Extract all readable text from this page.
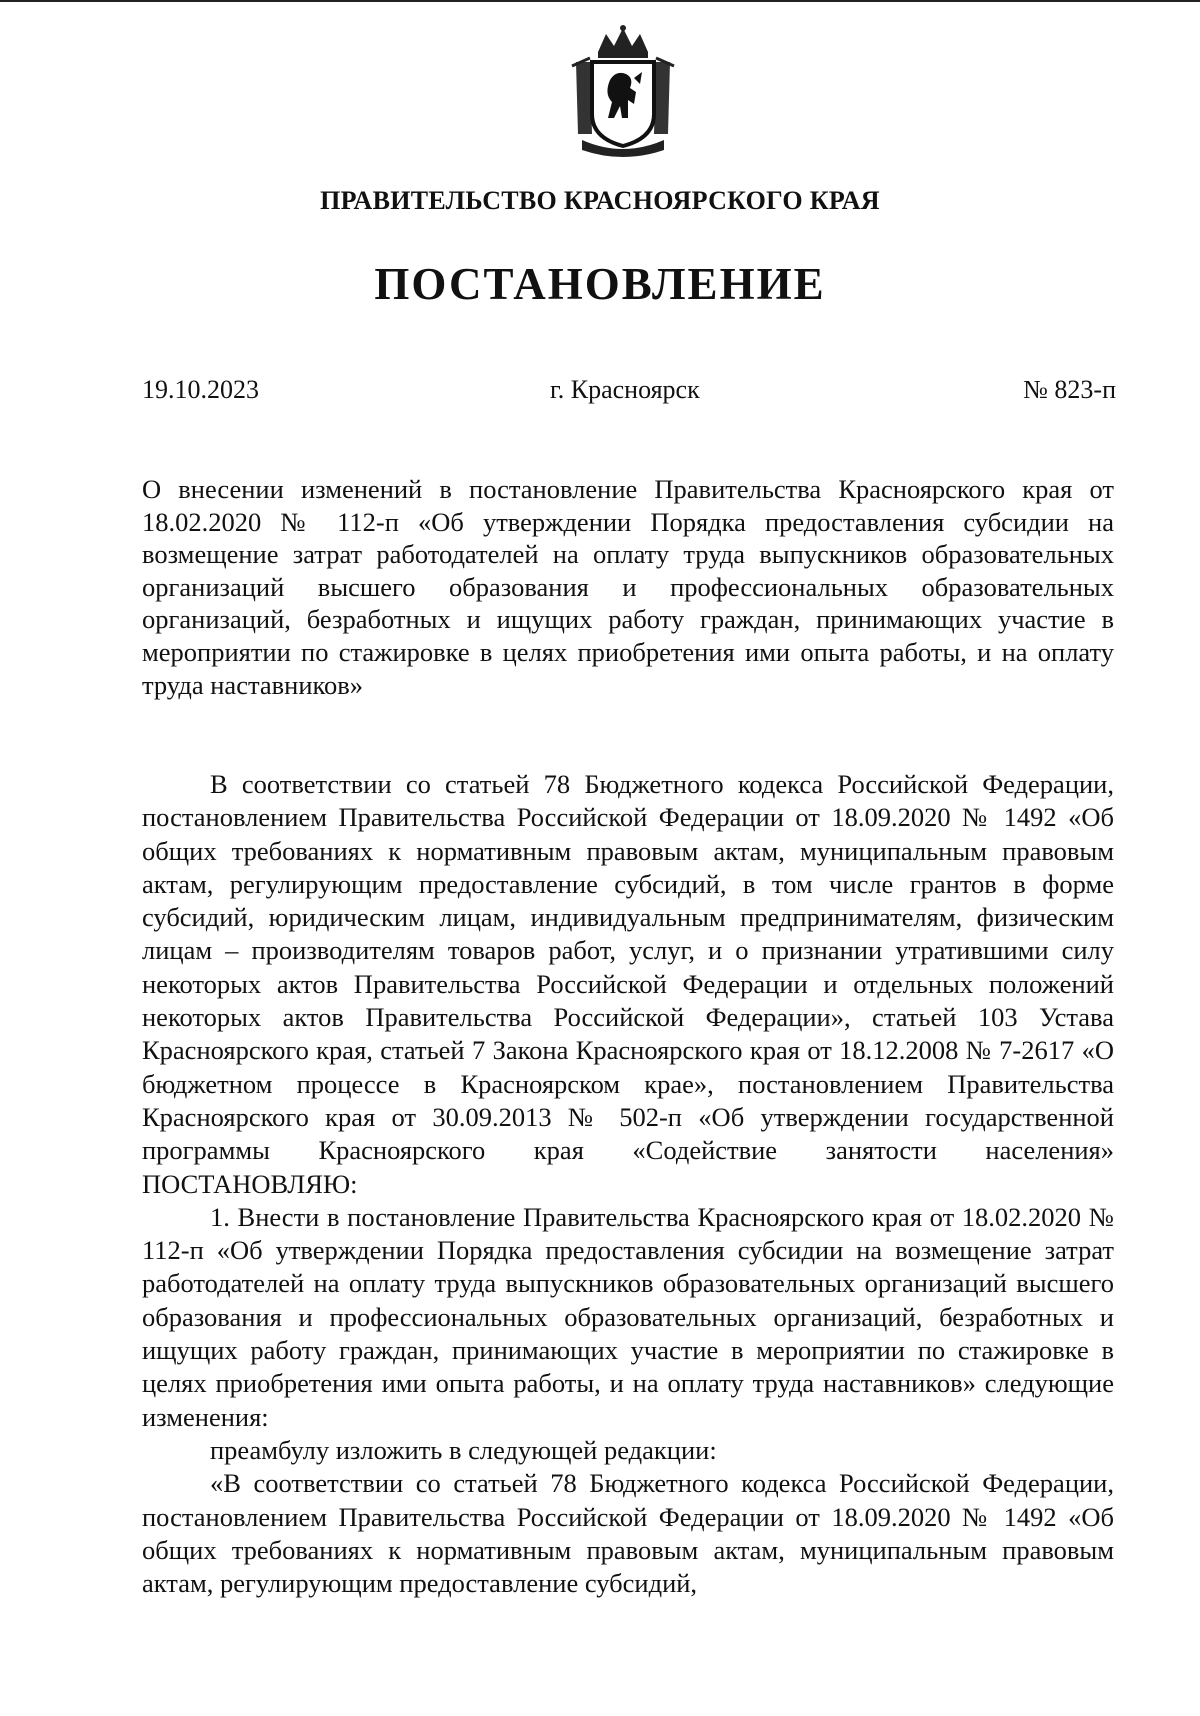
ПРАВИТЕЛЬСТВО КРАСНОЯРСКОГО КРАЯ
ПОСТАНОВЛЕНИЕ
19.10.2023	г. Красноярск	№ 823-п

О внесении изменений в постановление Правительства Красноярского края от 18.02.2020 № 112-п «Об утверждении Порядка предоставления субсидии на возмещение затрат работодателей на оплату труда выпускников образовательных организаций высшего образования и профессиональных образовательных организаций, безработных и ищущих работу граждан, принимающих участие в мероприятии по стажировке в целях приобретения ими опыта работы, и на оплату труда наставников»

В соответствии со статьей 78 Бюджетного кодекса Российской Федерации, постановлением Правительства Российской Федерации от 18.09.2020 № 1492 «Об общих требованиях к нормативным правовым актам, муниципальным правовым актам, регулирующим предоставление субсидий, в том числе грантов в форме субсидий, юридическим лицам, индивидуальным предпринимателям, физическим лицам – производителям товаров работ, услуг, и о признании утратившими силу некоторых актов Правительства Российской Федерации и отдельных положений некоторых актов Правительства Российской Федерации», статьей 103 Устава Красноярского края, статьей 7 Закона Красноярского края от 18.12.2008 № 7-2617 «О бюджетном процессе в Красноярском крае», постановлением Правительства Красноярского края от 30.09.2013 № 502-п «Об утверждении государственной программы Красноярского края «Содействие занятости населения» ПОСТАНОВЛЯЮ:

1. Внести в постановление Правительства Красноярского края от 18.02.2020 № 112-п «Об утверждении Порядка предоставления субсидии на возмещение затрат работодателей на оплату труда выпускников образовательных организаций высшего образования и профессиональных образовательных организаций, безработных и ищущих работу граждан, принимающих участие в мероприятии по стажировке в целях приобретения ими опыта работы, и на оплату труда наставников» следующие изменения:

преамбулу изложить в следующей редакции:

«В соответствии со статьей 78 Бюджетного кодекса Российской Федерации, постановлением Правительства Российской Федерации от 18.09.2020 № 1492 «Об общих требованиях к нормативным правовым актам, муниципальным правовым актам, регулирующим предоставление субсидий,
